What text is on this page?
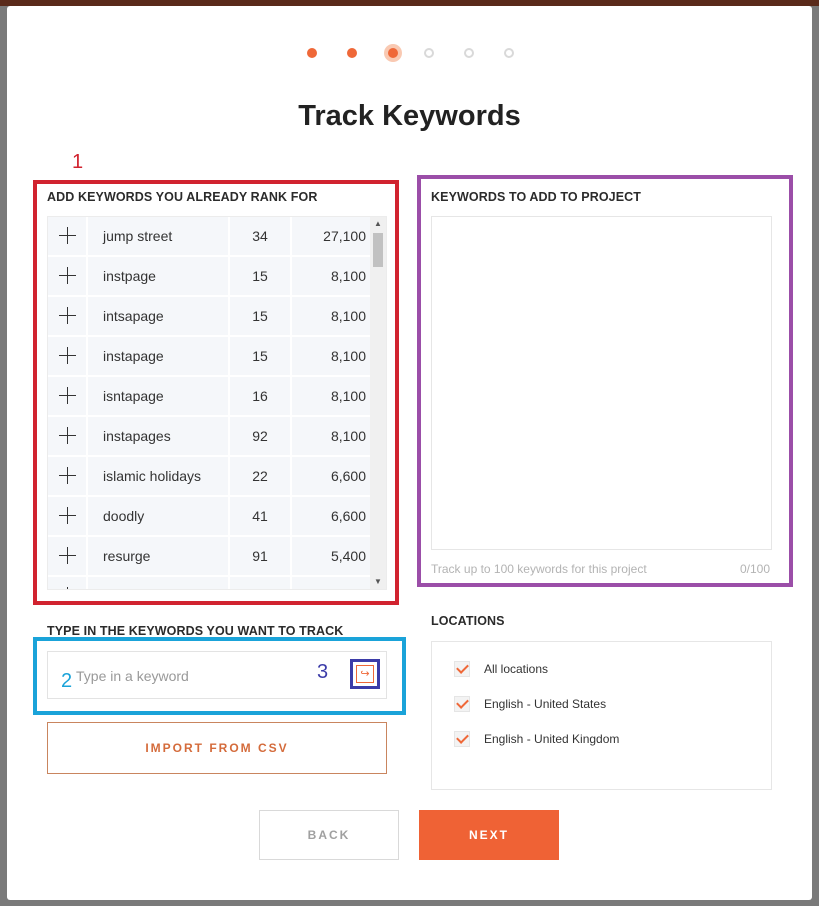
Track Keywords
1
ADD KEYWORDS YOU ALREADY RANK FOR
jump street	34	27,100
instpage	15	8,100
intsapage	15	8,100
instapage	15	8,100
isntapage	16	8,100
instapages	92	8,100
islamic holidays	22	6,600
doodly	41	6,600
resurge	91	5,400
▲
▼
KEYWORDS TO ADD TO PROJECT
Track up to 100 keywords for this project	0/100
TYPE IN THE KEYWORDS YOU WANT TO TRACK
Type in a keyword
2	3	↪
IMPORT FROM CSV
LOCATIONS
All locations
English - United States
English - United Kingdom
BACK	NEXT
